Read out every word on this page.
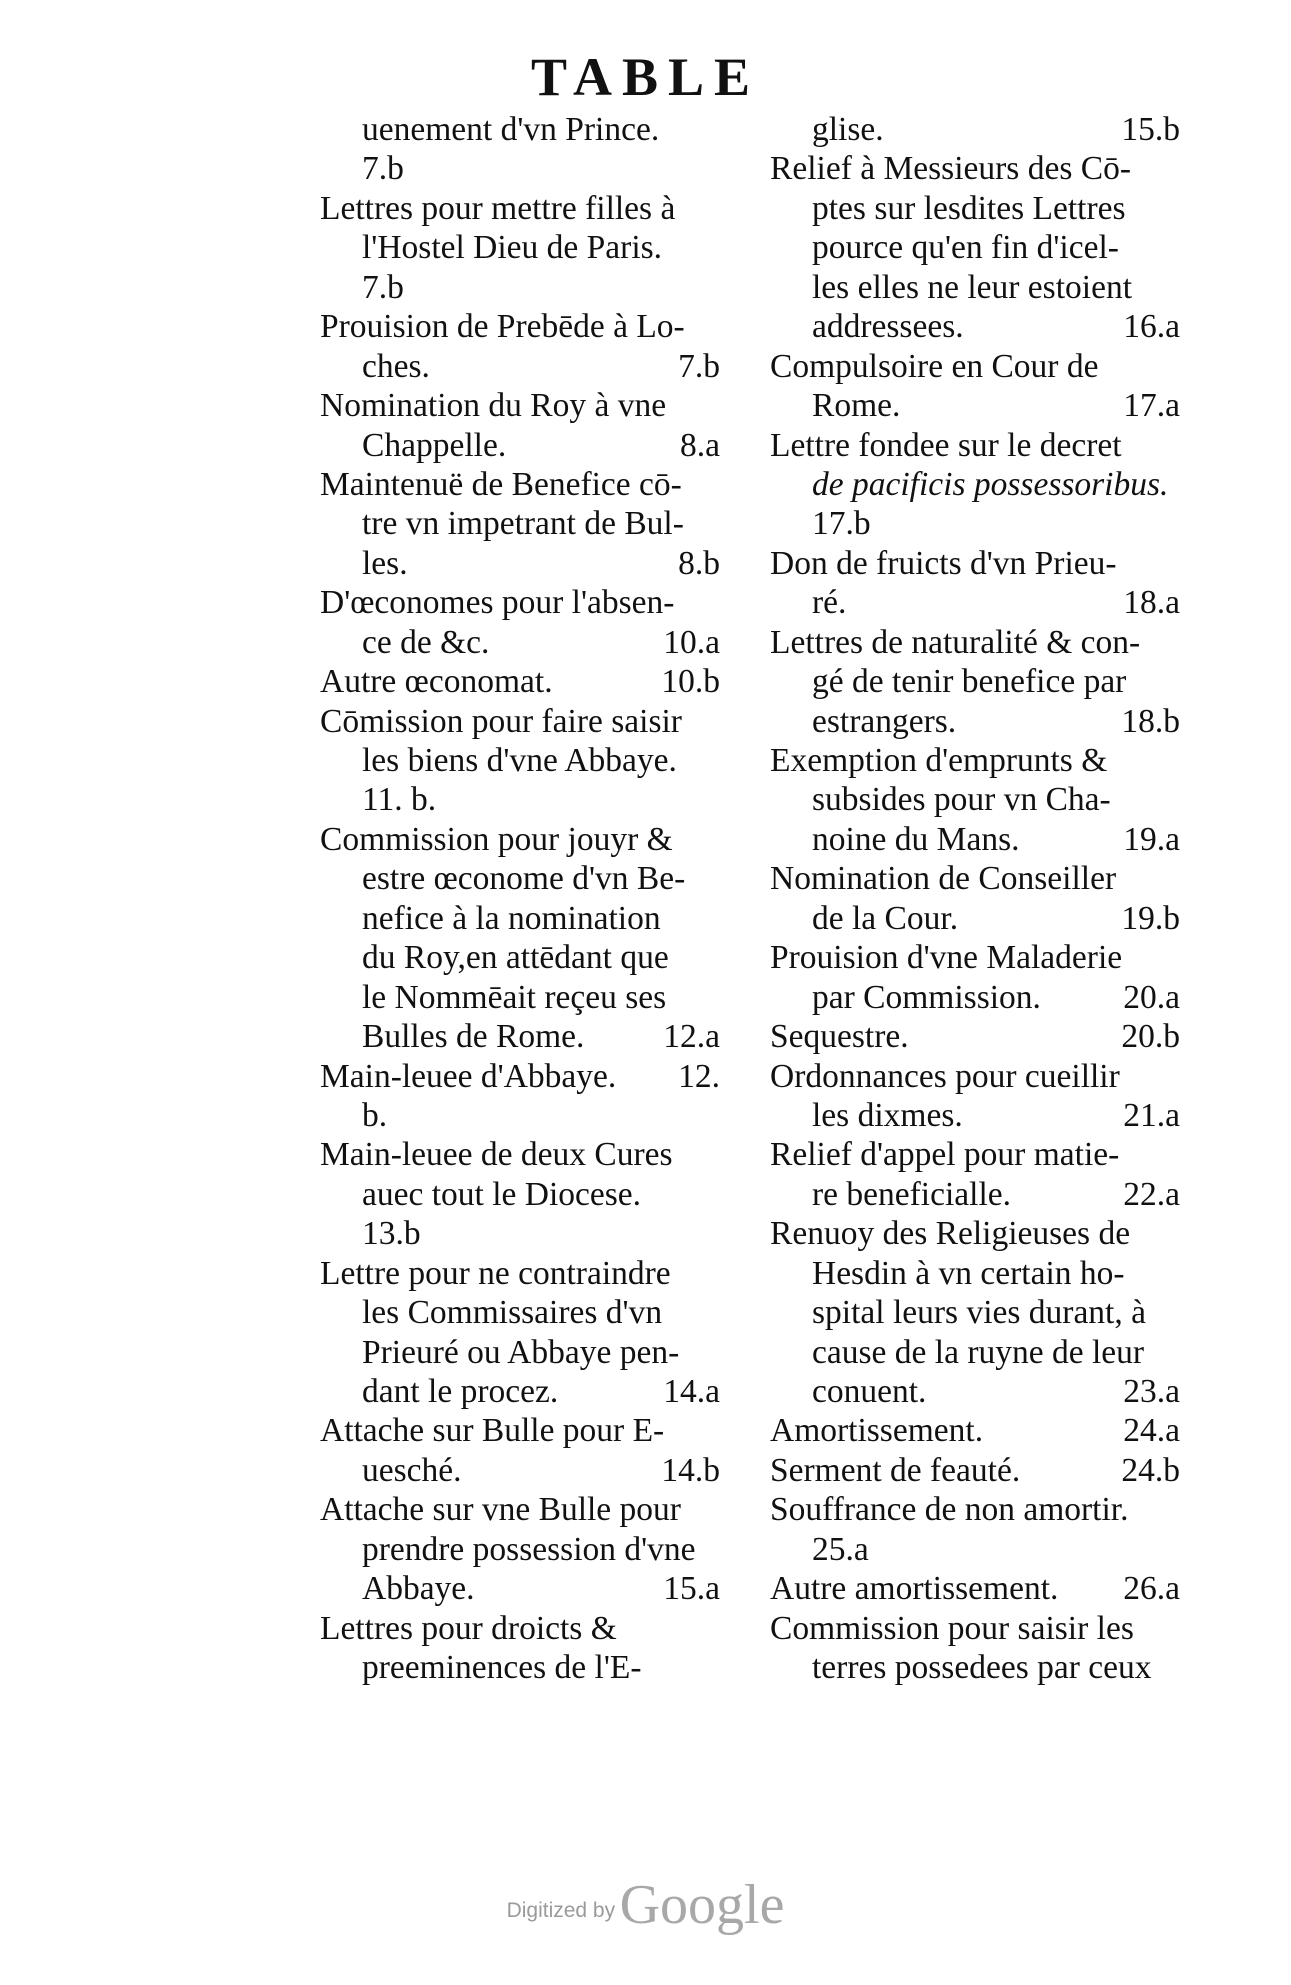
TABLE
uenement d'vn Prince.
7.b
Lettres pour mettre filles à
l'Hostel Dieu de Paris.
7.b
Prouision de Prebēde à Lo-
ches.	7.b
Nomination du Roy à vne
Chappelle.	8.a
Maintenuë de Benefice cō-
tre vn impetrant de Bul-
les.	8.b
D'œconomes pour l'absen-
ce de &c.	10.a
Autre œconomat.	10.b
Cōmission pour faire saisir
les biens d'vne Abbaye.
11. b.
Commission pour jouyr &
estre œconome d'vn Be-
nefice à la nomination
du Roy,en attēdant que
le Nommēait reçeu ses
Bulles de Rome. 12.a
Main-leuee d'Abbaye. 12.
b.
Main-leuee de deux Cures
auec tout le Diocese.
13.b
Lettre pour ne contraindre
les Commissaires d'vn
Prieuré ou Abbaye pen-
dant le procez.	14.a
Attache sur Bulle pour E-
uesché.	14.b
Attache sur vne Bulle pour
prendre possession d'vne
Abbaye.	15.a
Lettres pour droicts &
preeminences de l'E-
glise.	15.b
Relief à Messieurs des Cō-
ptes sur lesdites Lettres
pource qu'en fin d'icel-
les elles ne leur estoient
addressees.	16.a
Compulsoire en Cour de
Rome.	17.a
Lettre fondee sur le decret
de pacificis possessoribus.
17.b
Don de fruicts d'vn Prieu-
ré.	18.a
Lettres de naturalité & con-
gé de tenir benefice par
estrangers.	18.b
Exemption d'emprunts &
subsides pour vn Cha-
noine du Mans.	19.a
Nomination de Conseiller
de la Cour.	19.b
Prouision d'vne Maladerie
par Commission. 20.a
Sequestre.	20.b
Ordonnances pour cueillir
les dixmes.	21.a
Relief d'appel pour matie-
re beneficialle.	22.a
Renuoy des Religieuses de
Hesdin à vn certain ho-
spital leurs vies durant, à
cause de la ruyne de leur
conuent.	23.a
Amortissement.	24.a
Serment de feauté.	24.b
Souffrance de non amortir.
25.a
Autre amortissement. 26.a
Commission pour saisir les
terres possedees par ceux
Digitized by Google
